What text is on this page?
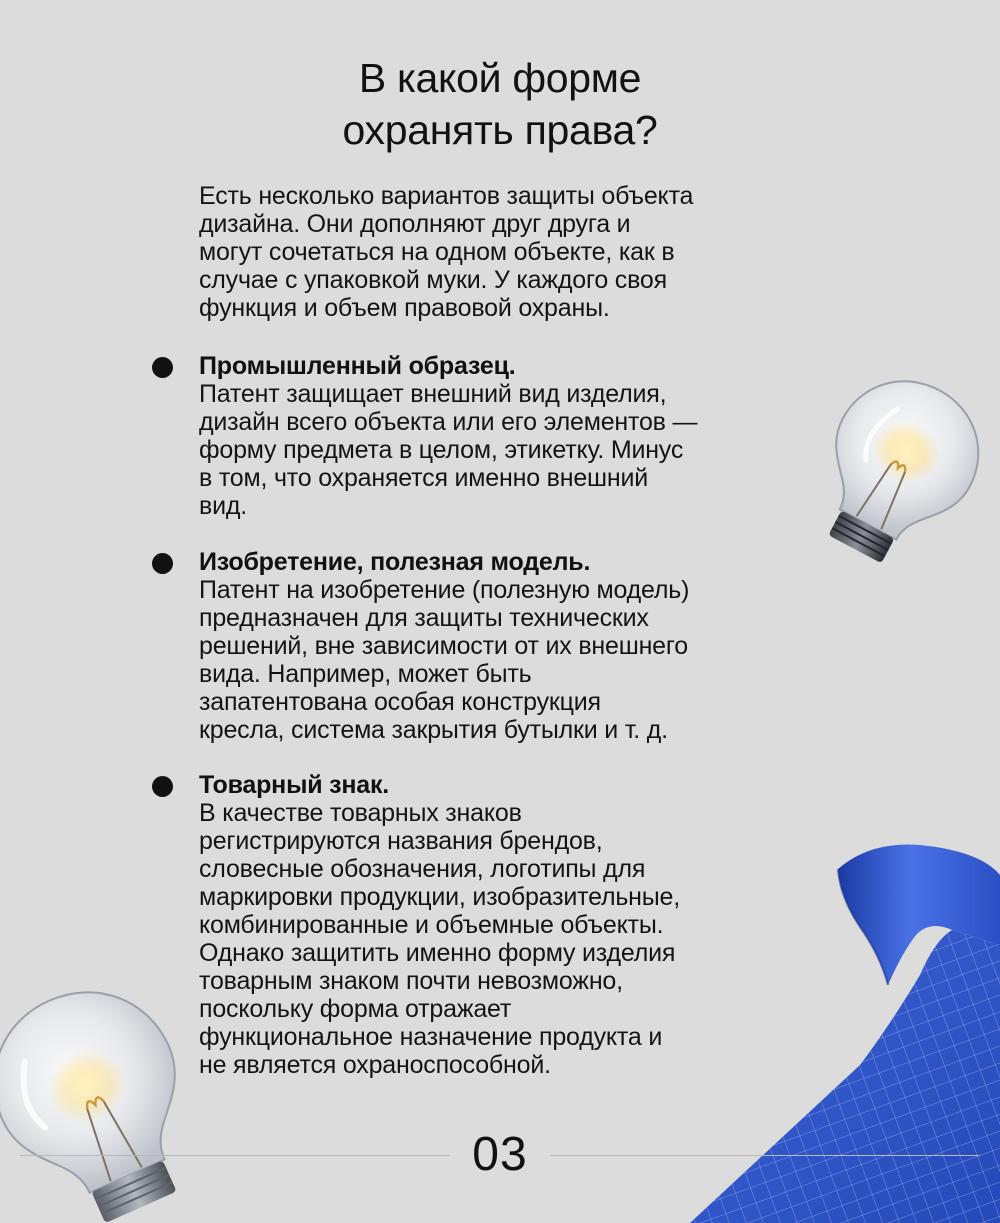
В какой форме
охранять права?

Есть несколько вариантов защиты объекта
дизайна. Они дополняют друг друга и
могут сочетаться на одном объекте, как в
случае с упаковкой муки. У каждого своя
функция и объем правовой охраны.

Промышленный образец.

Патент защищает внешний вид изделия,
дизайн всего объекта или его элементов —
форму предмета в целом, этикетку. Минус
в том, что охраняется именно внешний
вид.

Изобретение, полезная модель.

Патент на изобретение (полезную модель)
предназначен для защиты технических
решений, вне зависимости от их внешнего
вида. Например, может быть
запатентована особая конструкция
кресла, система закрытия бутылки и т. д.

Товарный знак.

В качестве товарных знаков
регистрируются названия брендов,
словесные обозначения, логотипы для
маркировки продукции, изобразительные,
комбинированные и объемные объекты.
Однако защитить именно форму изделия
товарным знаком почти невозможно,
поскольку форма отражает
функциональное назначение продукта и
не является охраноспособной.

03
